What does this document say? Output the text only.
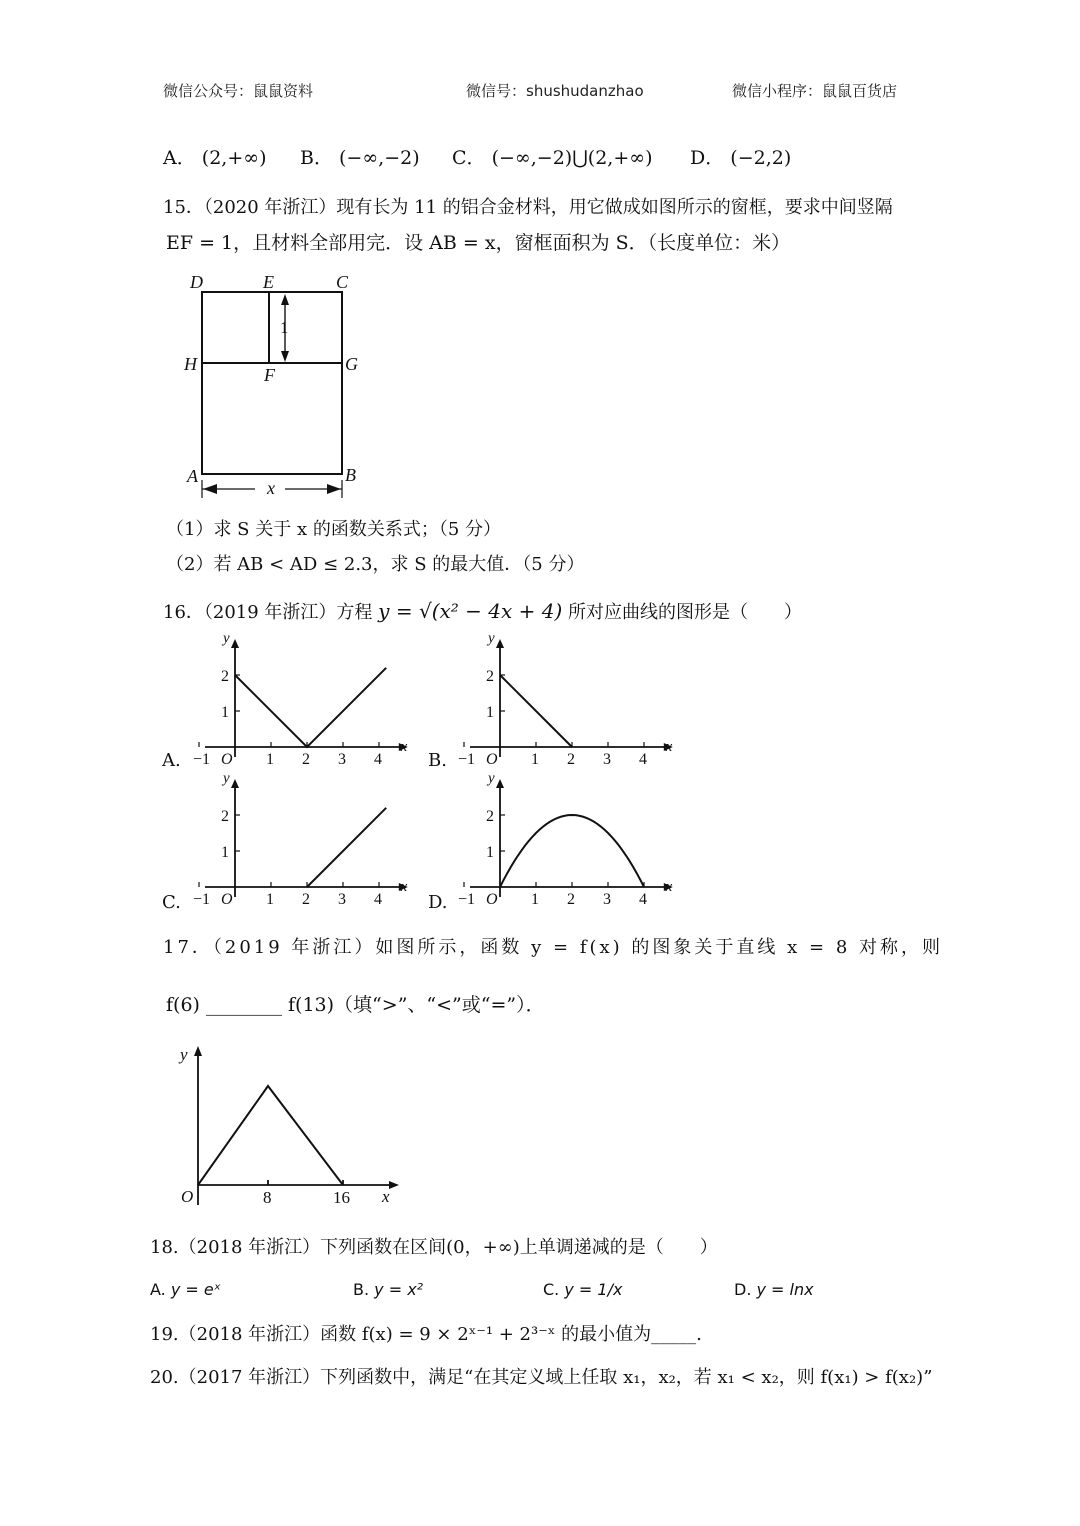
微信公众号：鼠鼠资料	微信号：shushudanzhao	微信小程序：鼠鼠百货店
A． (2,+∞) B． (−∞,−2) C． (−∞,−2)⋃(2,+∞) D． (−2,2)
15．（2020 年浙江）现有长为 11 的铝合金材料，用它做成如图所示的窗框，要求中间竖隔
EF = 1，且材料全部用完．设 AB = x，窗框面积为 S．（长度单位：米）
D	E	C
H
F
G
A	B
x
1
（1）求 S 关于 x 的函数关系式；（5 分）
（2）若 AB < AD ≤ 2.3，求 S 的最大值．（5 分）
16．（2019 年浙江）方程 y = √(x² − 4x + 4) 所对应曲线的图形是（　　）
−1 O 1 2 3 4
1
2
x
y
−1 O 1 2 3 4
1
2
x
y
−1 O 1 2 3 4
1
2
x
y
−1 O 1 2 3 4
1
2
x
y
A.	B.
C.	D.
17．（2019 年浙江）如图所示，函数 y = f(x) 的图象关于直线 x = 8 对称，则
f(6) ________ f(13)（填“>”、“<”或“=”）．
O	8	16 x
y
18.（2018 年浙江）下列函数在区间(0，+∞)上单调递减的是（　　）
A. y = eˣ	B. y = x²	C. y = 1/x	D. y = lnx
19.（2018 年浙江）函数 f(x) = 9 × 2ˣ⁻¹ + 2³⁻ˣ 的最小值为_____.
20.（2017 年浙江）下列函数中，满足“在其定义域上任取 x₁，x₂，若 x₁ < x₂，则 f(x₁) > f(x₂)”
